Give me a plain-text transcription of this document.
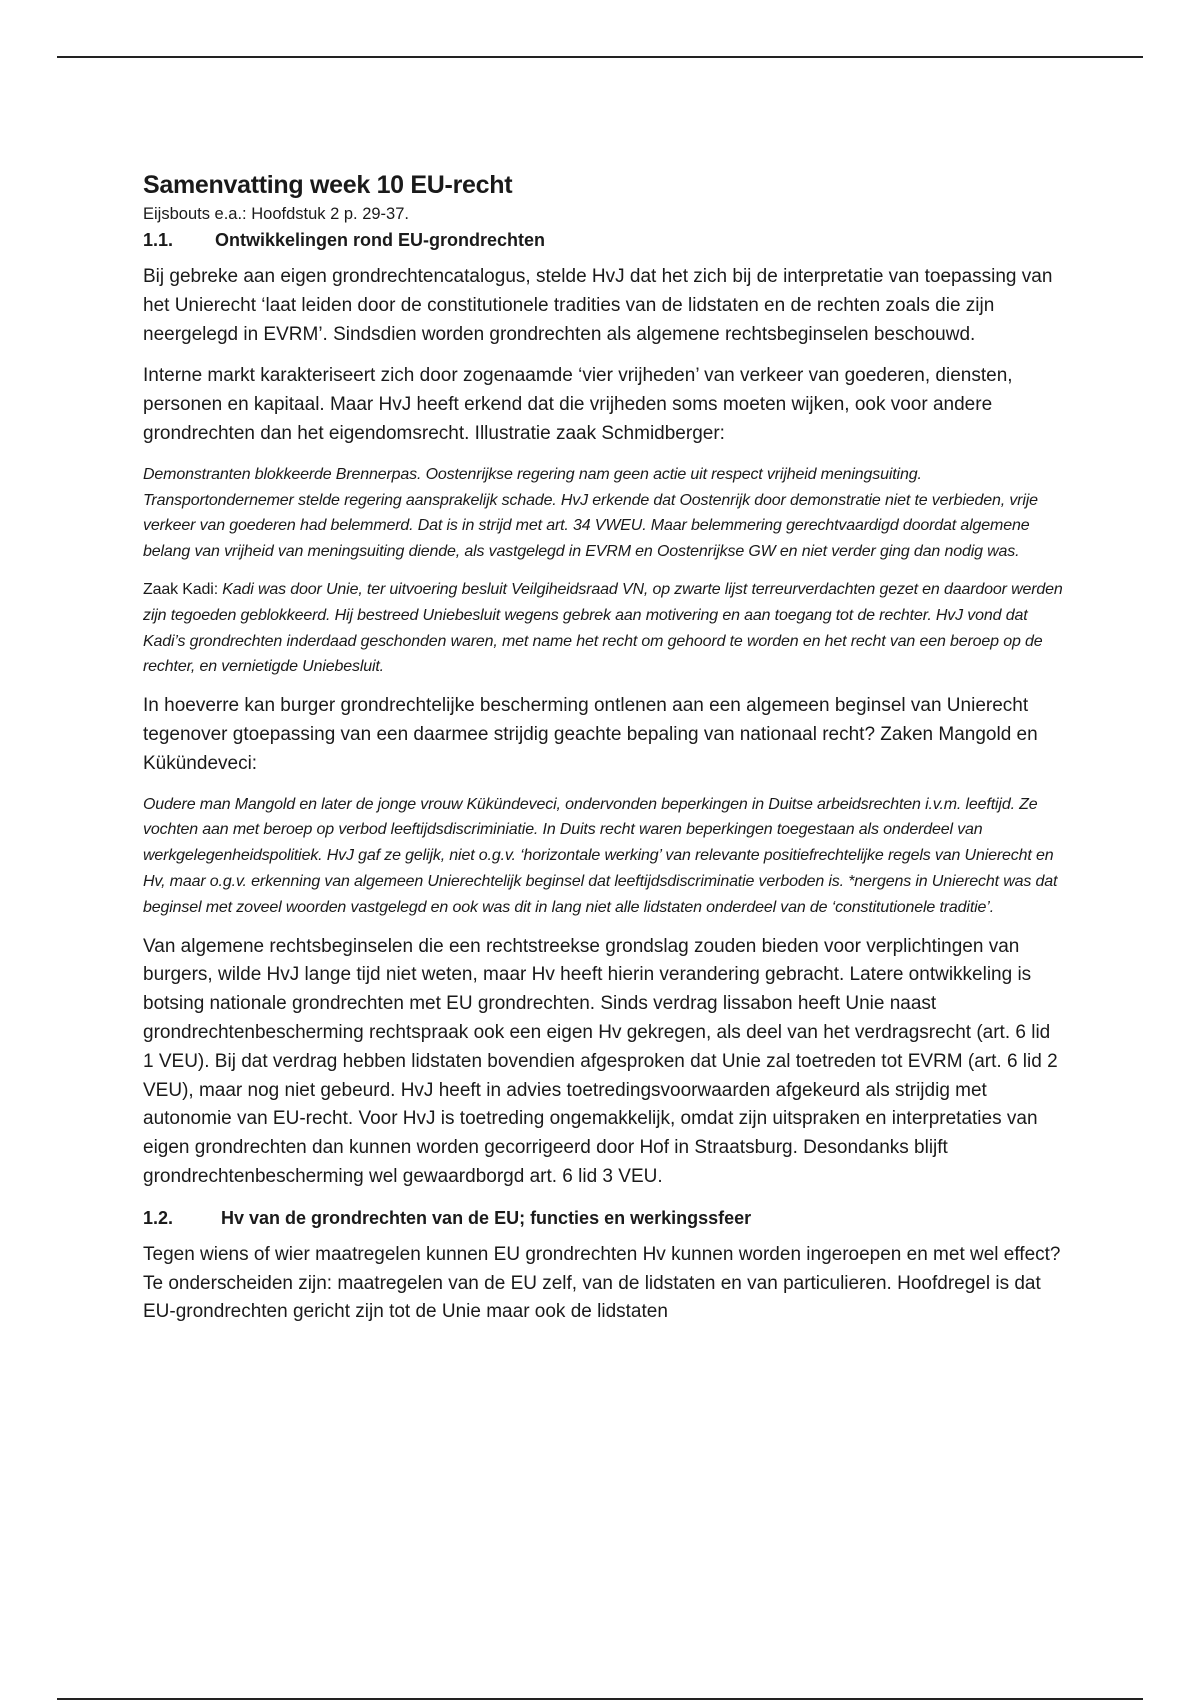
Samenvatting week 10 EU-recht

Eijsbouts e.a.: Hoofdstuk 2 p. 29-37.

1.1.	Ontwikkelingen rond EU-grondrechten

Bij gebreke aan eigen grondrechtencatalogus, stelde HvJ dat het zich bij de interpretatie van toepassing van het Unierecht ‘laat leiden door de constitutionele tradities van de lidstaten en de rechten zoals die zijn neergelegd in EVRM’. Sindsdien worden grondrechten als algemene rechtsbeginselen beschouwd.

Interne markt karakteriseert zich door zogenaamde ‘vier vrijheden’ van verkeer van goederen, diensten, personen en kapitaal. Maar HvJ heeft erkend dat die vrijheden soms moeten wijken, ook voor andere grondrechten dan het eigendomsrecht. Illustratie zaak Schmidberger:

Demonstranten blokkeerde Brennerpas. Oostenrijkse regering nam geen actie uit respect vrijheid meningsuiting. Transportondernemer stelde regering aansprakelijk schade. HvJ erkende dat Oostenrijk door demonstratie niet te verbieden, vrije verkeer van goederen had belemmerd. Dat is in strijd met art. 34 VWEU. Maar belemmering gerechtvaardigd doordat algemene belang van vrijheid van meningsuiting diende, als vastgelegd in EVRM en Oostenrijkse GW en niet verder ging dan nodig was.

Zaak Kadi: Kadi was door Unie, ter uitvoering besluit Veilgiheidsraad VN, op zwarte lijst terreurverdachten gezet en daardoor werden zijn tegoeden geblokkeerd. Hij bestreed Uniebesluit wegens gebrek aan motivering en aan toegang tot de rechter. HvJ vond dat Kadi’s grondrechten inderdaad geschonden waren, met name het recht om gehoord te worden en het recht van een beroep op de rechter, en vernietigde Uniebesluit.

In hoeverre kan burger grondrechtelijke bescherming ontlenen aan een algemeen beginsel van Unierecht tegenover gtoepassing van een daarmee strijdig geachte bepaling van nationaal recht? Zaken Mangold en Kükündeveci:

Oudere man Mangold en later de jonge vrouw Kükündeveci, ondervonden beperkingen in Duitse arbeidsrechten i.v.m. leeftijd. Ze vochten aan met beroep op verbod leeftijdsdiscriminiatie. In Duits recht waren beperkingen toegestaan als onderdeel van werkgelegenheidspolitiek. HvJ gaf ze gelijk, niet o.g.v. ‘horizontale werking’ van relevante positiefrechtelijke regels van Unierecht en Hv, maar o.g.v. erkenning van algemeen Unierechtelijk beginsel dat leeftijdsdiscriminatie verboden is. *nergens in Unierecht was dat beginsel met zoveel woorden vastgelegd en ook was dit in lang niet alle lidstaten onderdeel van de ‘constitutionele traditie’.

Van algemene rechtsbeginselen die een rechtstreekse grondslag zouden bieden voor verplichtingen van burgers, wilde HvJ lange tijd niet weten, maar Hv heeft hierin verandering gebracht. Latere ontwikkeling is botsing nationale grondrechten met EU grondrechten. Sinds verdrag lissabon heeft Unie naast grondrechtenbescherming rechtspraak ook een eigen Hv gekregen, als deel van het verdragsrecht (art. 6 lid 1 VEU). Bij dat verdrag hebben lidstaten bovendien afgesproken dat Unie zal toetreden tot EVRM (art. 6 lid 2 VEU), maar nog niet gebeurd. HvJ heeft in advies toetredingsvoorwaarden afgekeurd als strijdig met autonomie van EU-recht. Voor HvJ is toetreding ongemakkelijk, omdat zijn uitspraken en interpretaties van eigen grondrechten dan kunnen worden gecorrigeerd door Hof in Straatsburg. Desondanks blijft grondrechtenbescherming wel gewaardborgd art. 6 lid 3 VEU.

1.2.	Hv van de grondrechten van de EU; functies en werkingssfeer

Tegen wiens of wier maatregelen kunnen EU grondrechten Hv kunnen worden ingeroepen en met wel effect? Te onderscheiden zijn: maatregelen van de EU zelf, van de lidstaten en van particulieren. Hoofdregel is dat EU-grondrechten gericht zijn tot de Unie maar ook de lidstaten
